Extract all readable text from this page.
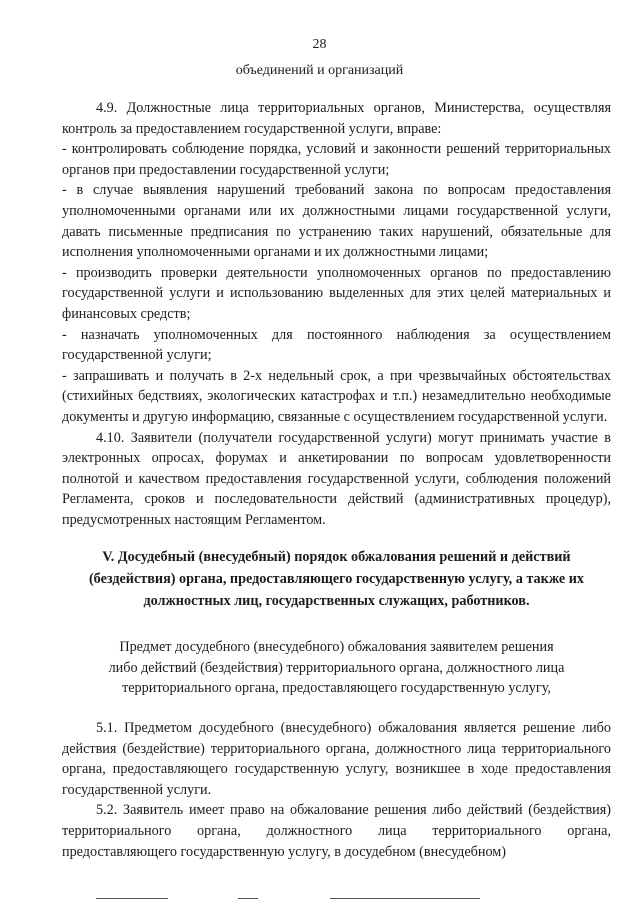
28
объединений и организаций

4.9. Должностные лица территориальных органов, Министерства, осуществляя контроль за предоставлением государственной услуги, вправе:

- контролировать соблюдение порядка, условий и законности решений территориальных органов при предоставлении государственной услуги;

- в случае выявления нарушений требований закона по вопросам предоставления уполномоченными органами или их должностными лицами государственной услуги, давать письменные предписания по устранению таких нарушений, обязательные для исполнения уполномоченными органами и их должностными лицами;

- производить проверки деятельности уполномоченных органов по предоставлению государственной услуги и использованию выделенных для этих целей материальных и финансовых средств;

- назначать уполномоченных для постоянного наблюдения за осуществлением государственной услуги;

- запрашивать и получать в 2-х недельный срок, а при чрезвычайных обстоятельствах (стихийных бедствиях, экологических катастрофах и т.п.) незамедлительно необходимые документы и другую информацию, связанные с осуществлением государственной услуги.

4.10. Заявители (получатели государственной услуги) могут принимать участие в электронных опросах, форумах и анкетировании по вопросам удовлетворенности полнотой и качеством предоставления государственной услуги, соблюдения положений Регламента, сроков и последовательности действий (административных процедур), предусмотренных настоящим Регламентом.

V. Досудебный (внесудебный) порядок обжалования решений и действий
(бездействия) органа, предоставляющего государственную услугу, а также их
должностных лиц, государственных служащих, работников.
Предмет досудебного (внесудебного) обжалования заявителем решения
либо действий (бездействия) территориального органа, должностного лица
территориального органа, предоставляющего государственную услугу,

5.1. Предметом досудебного (внесудебного) обжалования является решение либо действия (бездействие) территориального органа, должностного лица территориального органа, предоставляющего государственную услугу, возникшее в ходе предоставления государственной услуги.

5.2. Заявитель имеет право на обжалование решения либо действий (бездействия) территориального органа, должностного лица территориального органа, предоставляющего государственную услугу, в досудебном (внесудебном)
